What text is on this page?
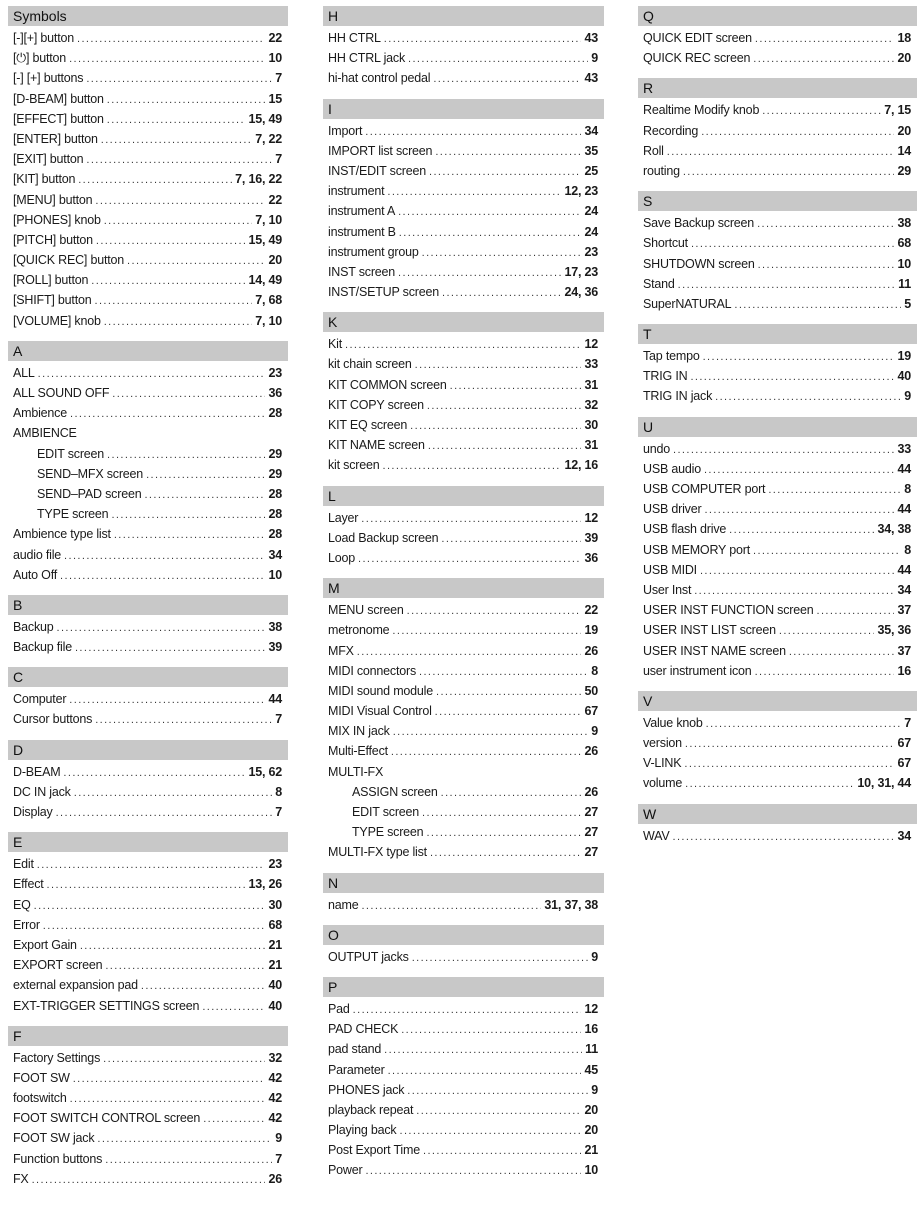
Symbols
[-][+] button .....	22
[⏻] button .....	10
[-] [+] buttons .....	7
[D-BEAM] button .....	15
[EFFECT] button .....	15, 49
[ENTER] button .....	7, 22
[EXIT] button .....	7
[KIT] button .....	7, 16, 22
[MENU] button .....	22
[PHONES] knob .....	7, 10
[PITCH] button .....	15, 49
[QUICK REC] button .....	20
[ROLL] button .....	14, 49
[SHIFT] button .....	7, 68
[VOLUME] knob .....	7, 10
A
ALL .....	23
ALL SOUND OFF .....	36
Ambience .....	28
AMBIENCE
EDIT screen .....	29
SEND–MFX screen .....	29
SEND–PAD screen .....	28
TYPE screen .....	28
Ambience type list .....	28
audio file .....	34
Auto Off .....	10
B
Backup .....	38
Backup file .....	39
C
Computer .....	44
Cursor buttons .....	7
D
D-BEAM .....	15, 62
DC IN jack .....	8
Display .....	7
E
Edit .....	23
Effect .....	13, 26
EQ .....	30
Error .....	68
Export Gain .....	21
EXPORT screen .....	21
external expansion pad .....	40
EXT-TRIGGER SETTINGS screen .....	40
F
Factory Settings .....	32
FOOT SW .....	42
footswitch .....	42
FOOT SWITCH CONTROL screen .....	42
FOOT SW jack .....	9
Function buttons .....	7
FX .....	26
H
HH CTRL .....	43
HH CTRL jack .....	9
hi-hat control pedal .....	43
I
Import .....	34
IMPORT list screen .....	35
INST/EDIT screen .....	25
instrument .....	12, 23
instrument A .....	24
instrument B .....	24
instrument group .....	23
INST screen .....	17, 23
INST/SETUP screen .....	24, 36
K
Kit .....	12
kit chain screen .....	33
KIT COMMON screen .....	31
KIT COPY screen .....	32
KIT EQ screen .....	30
KIT NAME screen .....	31
kit screen .....	12, 16
L
Layer .....	12
Load Backup screen .....	39
Loop .....	36
M
MENU screen .....	22
metronome .....	19
MFX .....	26
MIDI connectors .....	8
MIDI sound module .....	50
MIDI Visual Control .....	67
MIX IN jack .....	9
Multi-Effect .....	26
MULTI-FX
ASSIGN screen .....	26
EDIT screen .....	27
TYPE screen .....	27
MULTI-FX type list .....	27
N
name .....	31, 37, 38
O
OUTPUT jacks .....	9
P
Pad .....	12
PAD CHECK .....	16
pad stand .....	11
Parameter .....	45
PHONES jack .....	9
playback repeat .....	20
Playing back .....	20
Post Export Time .....	21
Power .....	10
Q
QUICK EDIT screen .....	18
QUICK REC screen .....	20
R
Realtime Modify knob .....	7, 15
Recording .....	20
Roll .....	14
routing .....	29
S
Save Backup screen .....	38
Shortcut .....	68
SHUTDOWN screen .....	10
Stand .....	11
SuperNATURAL .....	5
T
Tap tempo .....	19
TRIG IN .....	40
TRIG IN jack .....	9
U
undo .....	33
USB audio .....	44
USB COMPUTER port .....	8
USB driver .....	44
USB flash drive .....	34, 38
USB MEMORY port .....	8
USB MIDI .....	44
User Inst .....	34
USER INST FUNCTION screen .....	37
USER INST LIST screen .....	35, 36
USER INST NAME screen .....	37
user instrument icon .....	16
V
Value knob .....	7
version .....	67
V-LINK .....	67
volume .....	10, 31, 44
W
WAV .....	34
